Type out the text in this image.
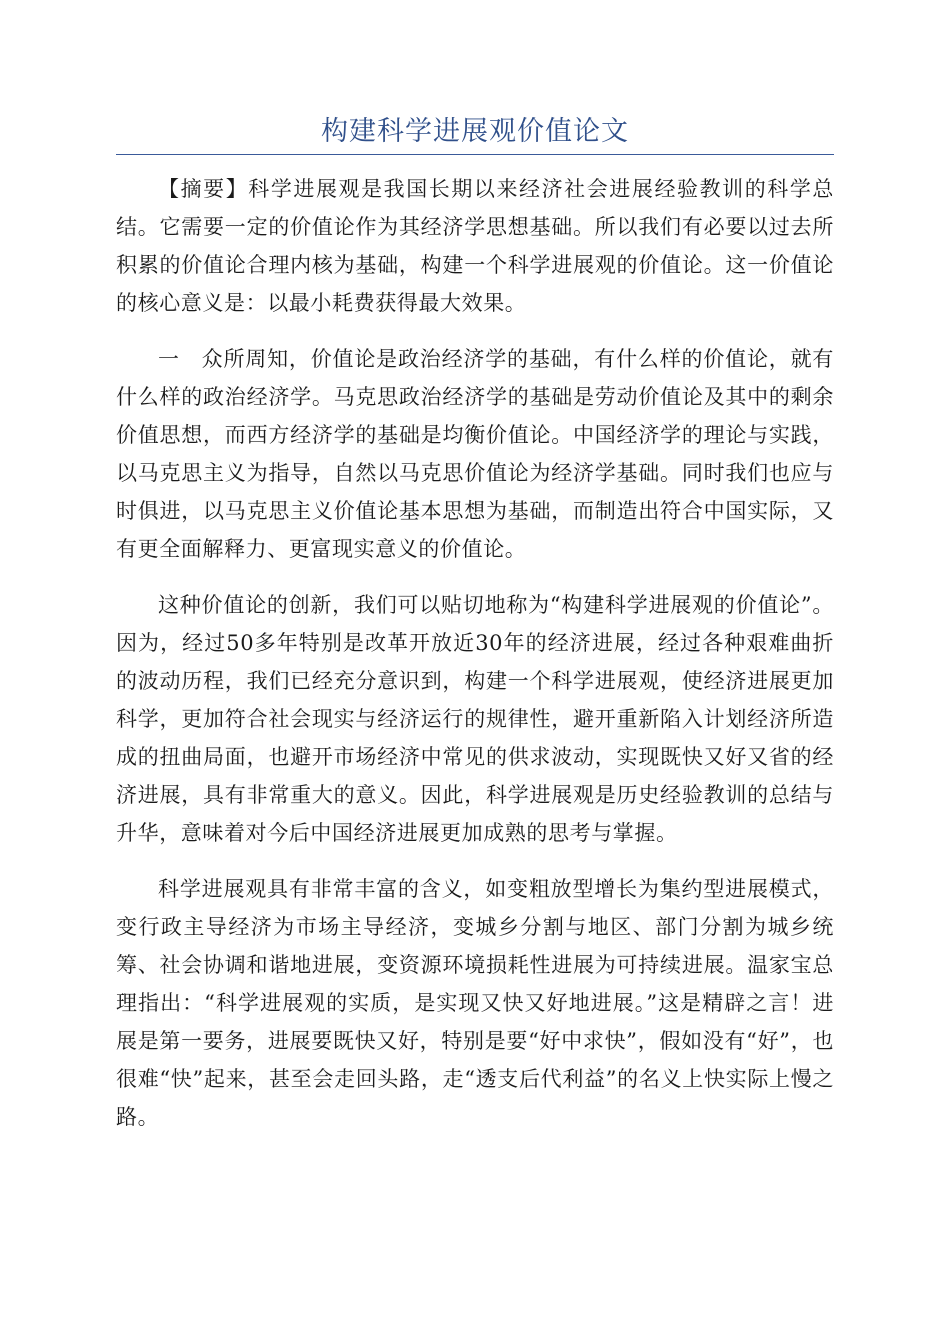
构建科学进展观价值论文

【摘要】科学进展观是我国长期以来经济社会进展经验教训的科学总结。它需要一定的价值论作为其经济学思想基础。所以我们有必要以过去所积累的价值论合理内核为基础，构建一个科学进展观的价值论。这一价值论的核心意义是：以最小耗费获得最大效果。

一　众所周知，价值论是政治经济学的基础，有什么样的价值论，就有什么样的政治经济学。马克思政治经济学的基础是劳动价值论及其中的剩余价值思想，而西方经济学的基础是均衡价值论。中国经济学的理论与实践，以马克思主义为指导，自然以马克思价值论为经济学基础。同时我们也应与时俱进，以马克思主义价值论基本思想为基础，而制造出符合中国实际，又有更全面解释力、更富现实意义的价值论。

这种价值论的创新，我们可以贴切地称为“构建科学进展观的价值论”。因为，经过50多年特别是改革开放近30年的经济进展，经过各种艰难曲折的波动历程，我们已经充分意识到，构建一个科学进展观，使经济进展更加科学，更加符合社会现实与经济运行的规律性，避开重新陷入计划经济所造成的扭曲局面，也避开市场经济中常见的供求波动，实现既快又好又省的经济进展，具有非常重大的意义。因此，科学进展观是历史经验教训的总结与升华，意味着对今后中国经济进展更加成熟的思考与掌握。

科学进展观具有非常丰富的含义，如变粗放型增长为集约型进展模式，变行政主导经济为市场主导经济，变城乡分割与地区、部门分割为城乡统筹、社会协调和谐地进展，变资源环境损耗性进展为可持续进展。温家宝总理指出：“科学进展观的实质，是实现又快又好地进展。”这是精辟之言！进展是第一要务，进展要既快又好，特别是要“好中求快”，假如没有“好”，也很难“快”起来，甚至会走回头路，走“透支后代利益”的名义上快实际上慢之路。
